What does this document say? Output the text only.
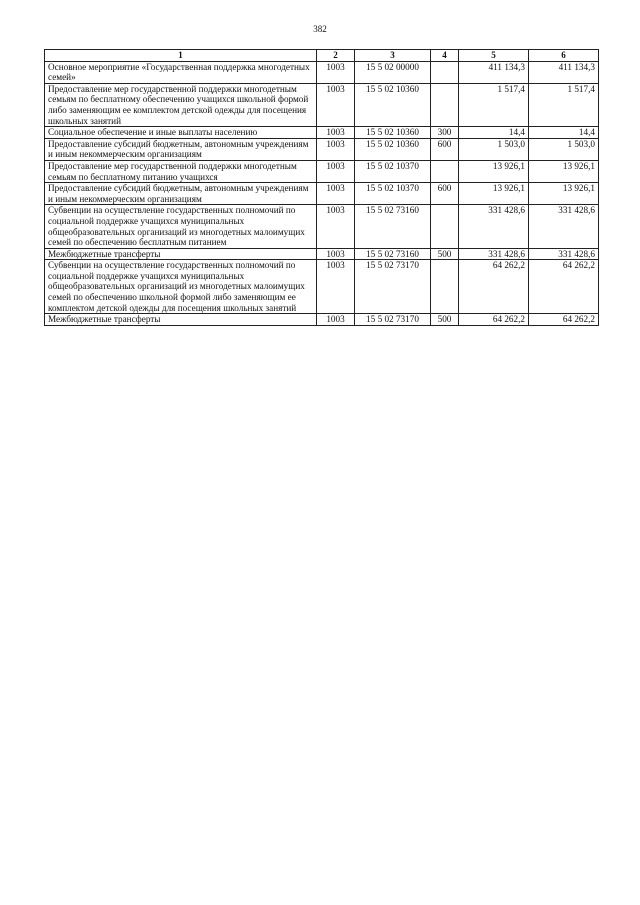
382
1	2	3	4	5	6
Основное мероприятие «Государственная поддержка многодетных семей»	1003	15 5 02 00000		411 134,3	411 134,3
Предоставление мер государственной поддержки многодетным семьям по бесплатному обеспечению учащихся школьной формой либо заменяющим ее комплектом детской одежды для посещения школьных занятий	1003	15 5 02 10360		1 517,4	1 517,4
Социальное обеспечение и иные выплаты населению	1003	15 5 02 10360	300	14,4	14,4
Предоставление субсидий бюджетным, автономным учреждениям и иным некоммерческим организациям	1003	15 5 02 10360	600	1 503,0	1 503,0
Предоставление мер государственной поддержки многодетным семьям по бесплатному питанию учащихся	1003	15 5 02 10370		13 926,1	13 926,1
Предоставление субсидий бюджетным, автономным учреждениям и иным некоммерческим организациям	1003	15 5 02 10370	600	13 926,1	13 926,1
Субвенции на осуществление государственных полномочий по социальной поддержке учащихся муниципальных общеобразовательных организаций из многодетных малоимущих семей по обеспечению бесплатным питанием	1003	15 5 02 73160		331 428,6	331 428,6
Межбюджетные трансферты	1003	15 5 02 73160	500	331 428,6	331 428,6
Субвенции на осуществление государственных полномочий по социальной поддержке учащихся муниципальных общеобразовательных организаций из многодетных малоимущих семей по обеспечению школьной формой либо заменяющим ее комплектом детской одежды для посещения школьных занятий	1003	15 5 02 73170		64 262,2	64 262,2
Межбюджетные трансферты	1003	15 5 02 73170	500	64 262,2	64 262,2
